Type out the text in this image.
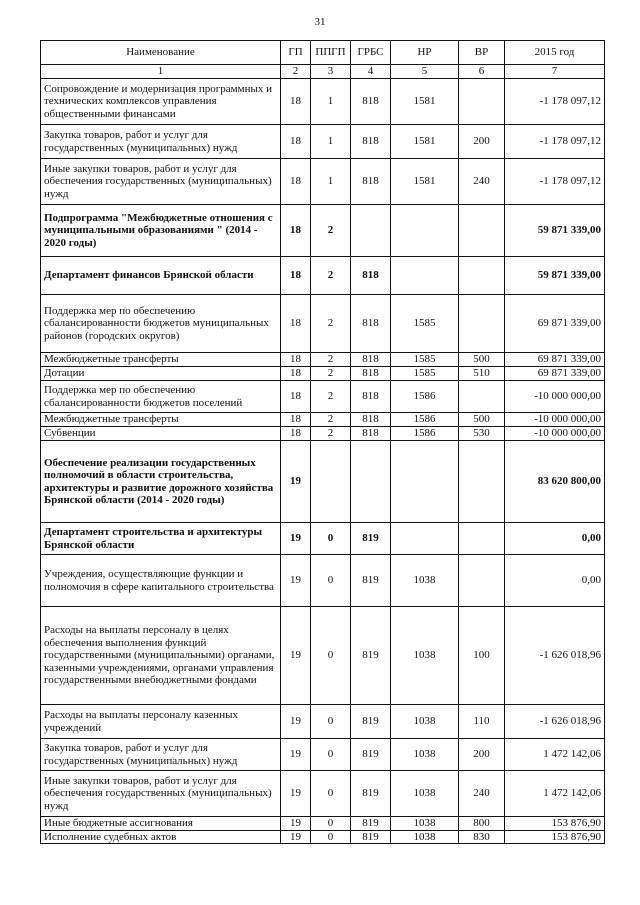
31
Наименование	ГП	ППГП	ГРБС	НР	ВР	2015 год
1	2	3	4	5	6	7
Сопровождение и модернизация программных и технических комплексов управления общественными финансами	18	1	818	1581		-1 178 097,12
Закупка товаров, работ и услуг для государственных (муниципальных) нужд	18	1	818	1581	200	-1 178 097,12
Иные закупки товаров, работ и услуг для обеспечения государственных (муниципальных) нужд	18	1	818	1581	240	-1 178 097,12
Подпрограмма "Межбюджетные отношения с муниципальными образованиями " (2014 - 2020 годы)	18	2				59 871 339,00
Департамент финансов Брянской области	18	2	818			59 871 339,00
Поддержка мер по обеспечению сбалансированности бюджетов муниципальных районов (городских округов)	18	2	818	1585		69 871 339,00
Межбюджетные трансферты	18	2	818	1585	500	69 871 339,00
Дотации	18	2	818	1585	510	69 871 339,00
Поддержка мер по обеспечению сбалансированности бюджетов поселений	18	2	818	1586		-10 000 000,00
Межбюджетные трансферты	18	2	818	1586	500	-10 000 000,00
Субвенции	18	2	818	1586	530	-10 000 000,00
Обеспечение реализации государственных полномочий в области строительства, архитектуры и развитие дорожного хозяйства Брянской области (2014 - 2020 годы)	19					83 620 800,00
Департамент строительства и архитектуры Брянской области	19	0	819			0,00
Учреждения, осуществляющие функции и полномочия в сфере капитального строительства	19	0	819	1038		0,00
Расходы на выплаты персоналу в целях обеспечения выполнения функций государственными (муниципальными) органами, казенными учреждениями, органами управления государственными внебюджетными фондами	19	0	819	1038	100	-1 626 018,96
Расходы на выплаты персоналу казенных учреждений	19	0	819	1038	110	-1 626 018,96
Закупка товаров, работ и услуг для государственных (муниципальных) нужд	19	0	819	1038	200	1 472 142,06
Иные закупки товаров, работ и услуг для обеспечения государственных (муниципальных) нужд	19	0	819	1038	240	1 472 142,06
Иные бюджетные ассигнования	19	0	819	1038	800	153 876,90
Исполнение судебных актов	19	0	819	1038	830	153 876,90
